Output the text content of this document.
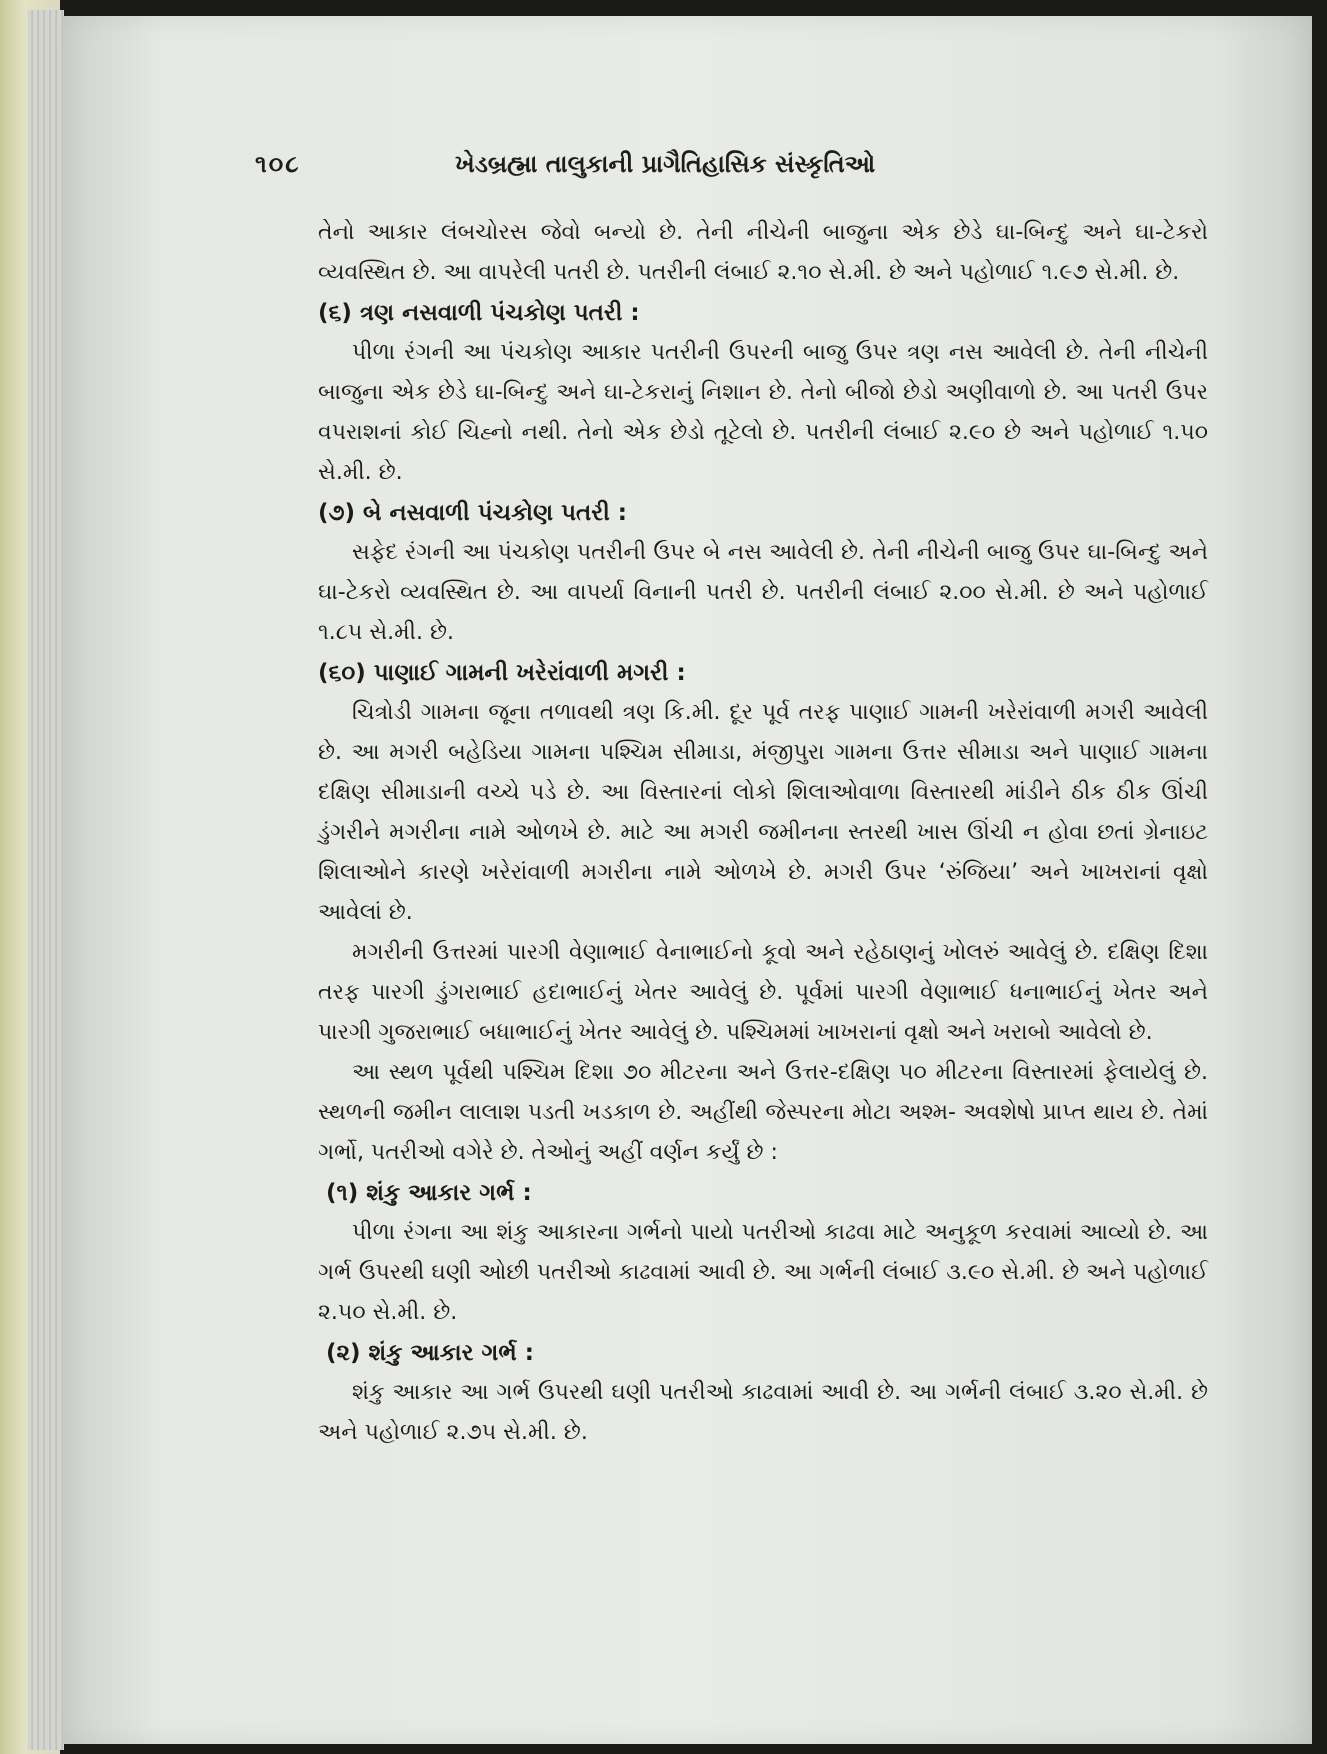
૧૦૮	ખેડબ્રહ્મા તાલુકાની પ્રાગૈતિહાસિક સંસ્કૃતિઓ

તેનો આકાર લંબચોરસ જેવો બન્યો છે. તેની નીચેની બાજુના એક છેડે ઘા-બિન્દુ અને ઘા-ટેકરો વ્યવસ્થિત છે. આ વાપરેલી પતરી છે. પતરીની લંબાઈ ૨.૧૦ સે.મી. છે અને પહોળાઈ ૧.૯૭ સે.મી. છે.

(૬) ત્રણ નસવાળી પંચકોણ પતરી :

પીળા રંગની આ પંચકોણ આકાર પતરીની ઉપરની બાજુ ઉપર ત્રણ નસ આવેલી છે. તેની નીચેની બાજુના એક છેડે ઘા-બિન્દુ અને ઘા-ટેકરાનું નિશાન છે. તેનો બીજો છેડો અણીવાળો છે. આ પતરી ઉપર વપરાશનાં કોઈ ચિહ્નો નથી. તેનો એક છેડો તૂટેલો છે. પતરીની લંબાઈ ૨.૯૦ છે અને પહોળાઈ ૧.૫૦ સે.મી. છે.

(૭) બે નસવાળી પંચકોણ પતરી :

સફેદ રંગની આ પંચકોણ પતરીની ઉપર બે નસ આવેલી છે. તેની નીચેની બાજુ ઉપર ઘા-બિન્દુ અને ઘા-ટેકરો વ્યવસ્થિત છે. આ વાપર્યા વિનાની પતરી છે. પતરીની લંબાઈ ૨.૦૦ સે.મી. છે અને પહોળાઈ ૧.૮૫ સે.મી. છે.

(૬૦) પાણાઈ ગામની ખરેરાંવાળી મગરી :

ચિત્રોડી ગામના જૂના તળાવથી ત્રણ કિ.મી. દૂર પૂર્વ તરફ પાણાઈ ગામની ખરેરાંવાળી મગરી આવેલી છે. આ મગરી બહેડિયા ગામના પશ્ચિમ સીમાડા, મંજીપુરા ગામના ઉત્તર સીમાડા અને પાણાઈ ગામના દક્ષિણ સીમાડાની વચ્ચે પડે છે. આ વિસ્તારનાં લોકો શિલાઓવાળા વિસ્તારથી માંડીને ઠીક ઠીક ઊંચી ડુંગરીને મગરીના નામે ઓળખે છે. માટે આ મગરી જમીનના સ્તરથી ખાસ ઊંચી ન હોવા છતાં ગ્રેનાઇટ શિલાઓને કારણે ખરેરાંવાળી મગરીના નામે ઓળખે છે. મગરી ઉપર ‘રુંજિયા’ અને ખાખરાનાં વૃક્ષો આવેલાં છે.

મગરીની ઉત્તરમાં પારગી વેણાભાઈ વેનાભાઈનો કૂવો અને રહેઠાણનું ખોલરું આવેલું છે. દક્ષિણ દિશા તરફ પારગી ડુંગરાભાઈ હદાભાઈનું ખેતર આવેલું છે. પૂર્વમાં પારગી વેણાભાઈ ધનાભાઈનું ખેતર અને પારગી ગુજરાભાઈ બધાભાઈનું ખેતર આવેલું છે. પશ્ચિમમાં ખાખરાનાં વૃક્ષો અને ખરાબો આવેલો છે.

આ સ્થળ પૂર્વથી પશ્ચિમ દિશા ૭૦ મીટરના અને ઉત્તર-દક્ષિણ ૫૦ મીટરના વિસ્તારમાં ફેલાયેલું છે. સ્થળની જમીન લાલાશ પડતી ખડકાળ છે. અહીંથી જેસ્પરના મોટા અશ્મ- અવશેષો પ્રાપ્ત થાય છે. તેમાં ગર્ભો, પતરીઓ વગેરે છે. તેઓનું અહીં વર્ણન કર્યું છે :

(૧) શંકુ આકાર ગર્ભ :

પીળા રંગના આ શંકુ આકારના ગર્ભનો પાયો પતરીઓ કાઢવા માટે અનુકૂળ કરવામાં આવ્યો છે. આ ગર્ભ ઉપરથી ઘણી ઓછી પતરીઓ કાઢવામાં આવી છે. આ ગર્ભની લંબાઈ ૩.૯૦ સે.મી. છે અને પહોળાઈ ૨.૫૦ સે.મી. છે.

(૨) શંકુ આકાર ગર્ભ :

શંકુ આકાર આ ગર્ભ ઉપરથી ઘણી પતરીઓ કાઢવામાં આવી છે. આ ગર્ભની લંબાઈ ૩.૨૦ સે.મી. છે અને પહોળાઈ ૨.૭૫ સે.મી. છે.
